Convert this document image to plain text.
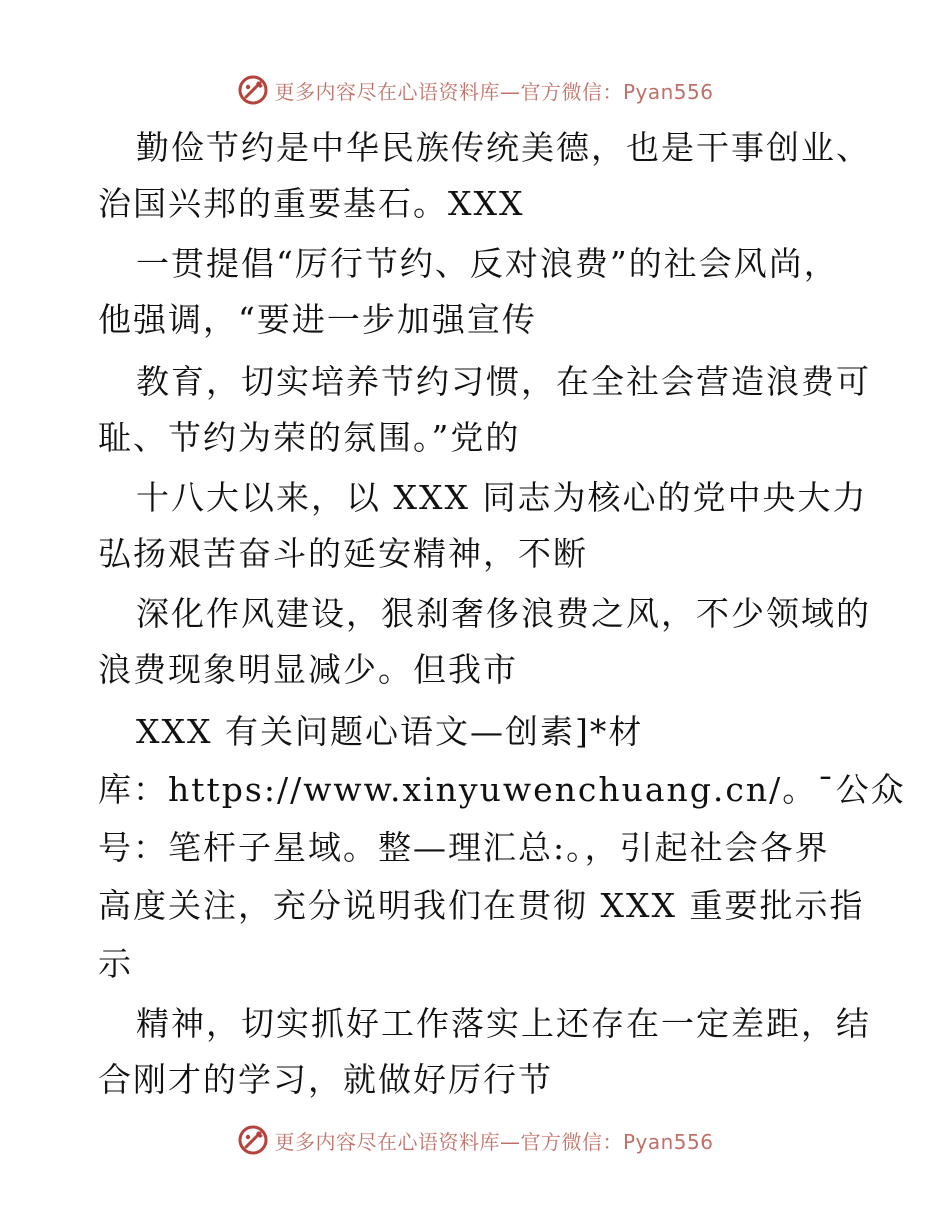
更多内容尽在心语资料库—官方微信：Pyan556
勤俭节约是中华民族传统美德，也是干事创业、
治国兴邦的重要基石。XXX
一贯提倡“厉行节约、反对浪费”的社会风尚，
他强调，“要进一步加强宣传
教育，切实培养节约习惯，在全社会营造浪费可
耻、节约为荣的氛围。”党的
十八大以来，以 XXX 同志为核心的党中央大力
弘扬艰苦奋斗的延安精神，不断
深化作风建设，狠刹奢侈浪费之风，不少领域的
浪费现象明显减少。但我市
XXX 有关问题心语文—创素]*材
库：https://www.xinyuwenchuang.cn/。¯公众
号：笔杆子星域。整—理汇总:。，引起社会各界
高度关注，充分说明我们在贯彻 XXX 重要批示指
示
精神，切实抓好工作落实上还存在一定差距，结
合刚才的学习，就做好厉行节
更多内容尽在心语资料库—官方微信：Pyan556
